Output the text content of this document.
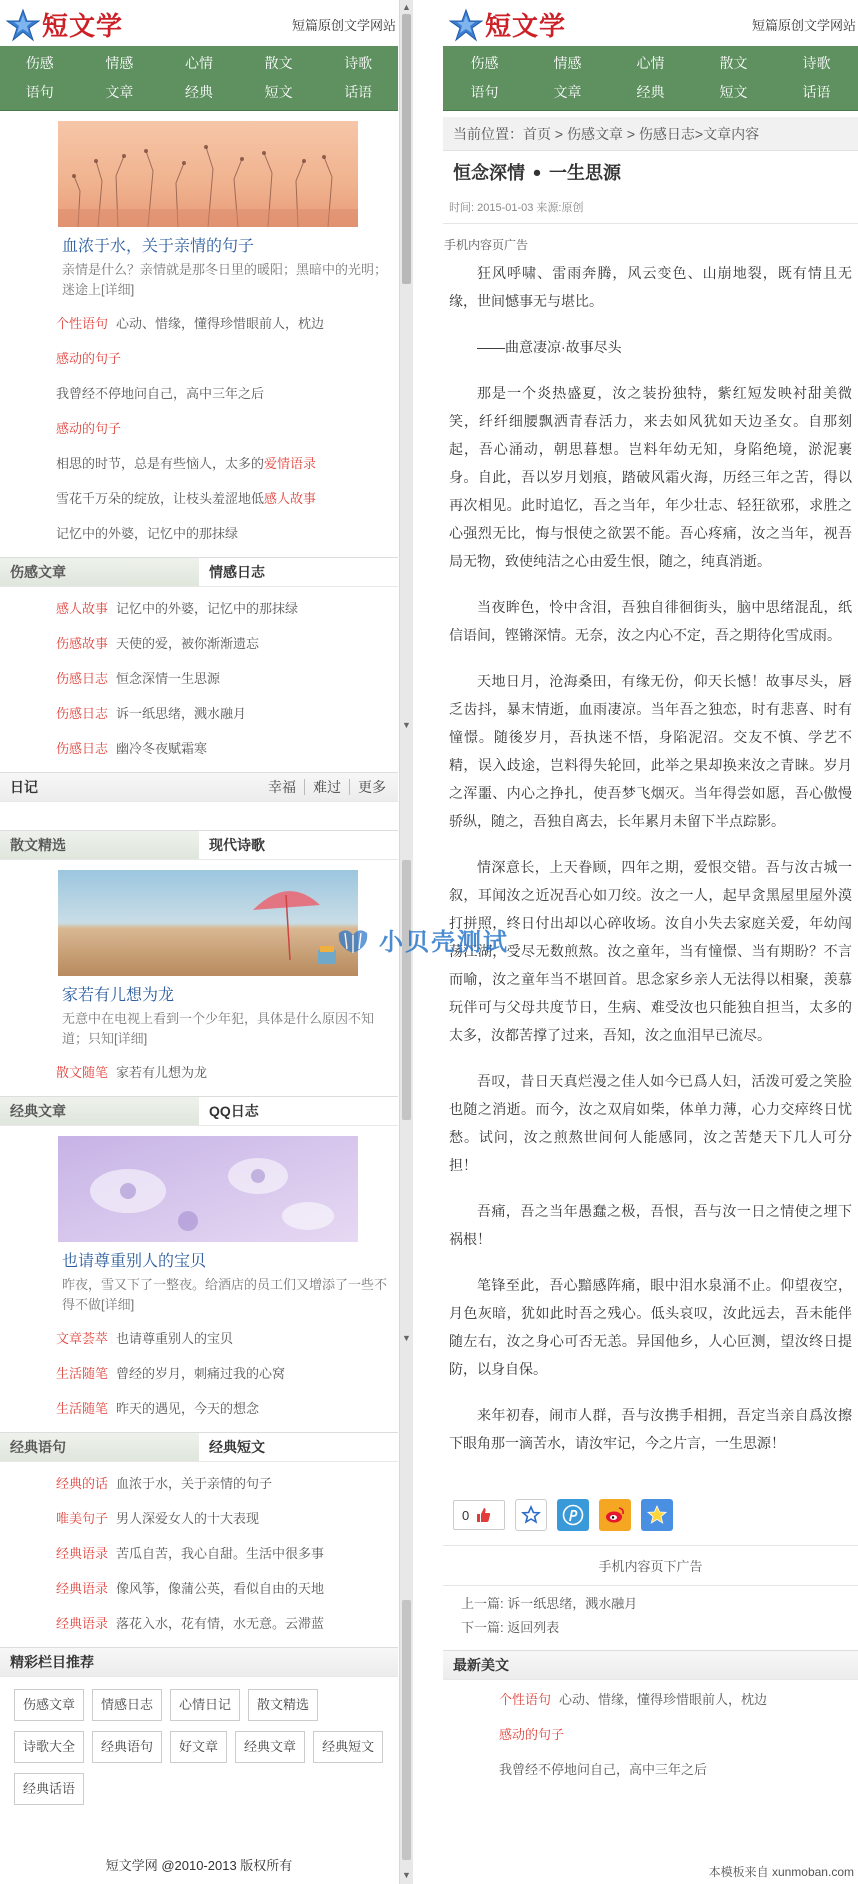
短文学	短篇原创文学网站
伤感	情感	心情	散文	诗歌
语句	文章	经典	短文	话语
血浓于水，关于亲情的句子
亲情是什么？亲情就是那冬日里的暖阳；黑暗中的光明；迷途上[详细]
个性语句 心动、惜缘，懂得珍惜眼前人，枕边
感动的句子
我曾经不停地问自己，高中三年之后
感动的句子
相思的时节，总是有些恼人，太多的爱情语录
雪花千万朵的绽放，让枝头羞涩地低感人故事
记忆中的外婆，记忆中的那抹绿
伤感文章	情感日志
感人故事 记忆中的外婆，记忆中的那抹绿
伤感故事 天使的爱，被你渐渐遗忘
伤感日志 恒念深情一生思源
伤感日志 诉一纸思绪，溅水融月
伤感日志 幽冷冬夜赋霜寒
日记	幸福 难过 更多
散文精选	现代诗歌
家若有儿想为龙
无意中在电视上看到一个少年犯，具体是什么原因不知道；只知[详细]
散文随笔 家若有儿想为龙
经典文章	QQ日志
也请尊重别人的宝贝
昨夜，雪又下了一整夜。给酒店的员工们又增添了一些不得不做[详细]
文章荟萃 也请尊重别人的宝贝
生活随笔 曾经的岁月，刺痛过我的心窝
生活随笔 昨天的遇见，今天的想念
经典语句	经典短文
经典的话 血浓于水，关于亲情的句子
唯美句子 男人深爱女人的十大表现
经典语录 苦瓜自苦，我心自甜。生活中很多事
经典语录 像风筝，像蒲公英，看似自由的天地
经典语录 落花入水，花有情，水无意。云滞蓝
精彩栏目推荐
伤感文章	情感日志	心情日记	散文精选
诗歌大全	经典语句	好文章	经典文章	经典短文
经典话语
短文学网 @2010-2013 版权所有
▲
▼
▼
▼
短文学	短篇原创文学网站
伤感	情感	心情	散文	诗歌
语句	文章	经典	短文	话语
当前位置：首页 > 伤感文章 > 伤感日志>文章内容
恒念深情 • 一生思源
时间: 2015-01-03 来源:原创
手机内容页广告

狂风呼啸、雷雨奔腾，风云变色、山崩地裂，既有情且无缘，世间憾事无与堪比。

——曲意凄凉·故事尽头

那是一个炎热盛夏，汝之装扮独特，紫红短发映衬甜美微笑，纤纤细腰飘洒青春活力，来去如风犹如天边圣女。自那刻起，吾心涌动，朝思暮想。岂料年幼无知，身陷绝境，淤泥裹身。自此，吾以岁月划痕，踏破风霜火海，历经三年之苦，得以再次相见。此时追忆，吾之当年，年少壮志、轻狂欲邪，求胜之心强烈无比，悔与恨使之欲罢不能。吾心疼痛，汝之当年，视吾局无物，致使纯洁之心由爱生恨，随之，纯真消逝。

当夜眸色，怜中含泪，吾独自徘徊街头，脑中思绪混乱，纸信语间，铿锵深情。无奈，汝之内心不定，吾之期待化雪成雨。

天地日月，沧海桑田，有缘无份，仰天长憾！故事尽头，唇乏齿抖，暴末情逝，血雨凄凉。当年吾之独恋，时有悲喜、时有憧憬。随後岁月，吾执迷不悟，身陷泥沼。交友不慎、学艺不精，误入歧途，岂料得失轮回，此举之果却换来汝之青睐。岁月之浑噩、内心之挣扎，使吾梦飞烟灭。当年得尝如愿，吾心傲慢骄纵，随之，吾独自离去，长年累月未留下半点踪影。

情深意长，上天眷顾，四年之期，爱恨交错。吾与汝古城一叙，耳闻汝之近况吾心如刀绞。汝之一人，起早贪黑屋里屋外漠打拼照，终日付出却以心碎收场。汝自小失去家庭关爱，年幼闯荡江湖，受尽无数煎熬。汝之童年，当有憧憬、当有期盼？不言而喻，汝之童年当不堪回首。思念家乡亲人无法得以相聚，羡慕玩伴可与父母共度节日，生病、难受汝也只能独自担当，太多的太多，汝都苦撑了过来，吾知，汝之血泪早已流尽。

吾叹，昔日天真烂漫之佳人如今已爲人妇，活泼可爱之笑脸也随之消逝。而今，汝之双肩如柴，体单力薄，心力交瘁终日忧愁。试问，汝之煎熬世间何人能感同，汝之苦楚天下几人可分担！

吾痛，吾之当年愚蠢之极，吾恨，吾与汝一日之情使之埋下祸根！

笔锋至此，吾心黯感阵痛，眼中泪水泉涌不止。仰望夜空，月色灰暗，犹如此时吾之残心。低头哀叹，汝此远去，吾未能伴随左右，汝之身心可否无恙。异国他乡，人心叵测，望汝终日提防，以身自保。

来年初春，闹市人群，吾与汝携手相拥，吾定当亲自爲汝擦下眼角那一滴苦水，请汝牢记，今之片言，一生思源！

0
手机内容页下广告
上一篇: 诉一纸思绪，溅水融月
下一篇: 返回列表
最新美文
个性语句 心动、惜缘，懂得珍惜眼前人，枕边
感动的句子
我曾经不停地问自己，高中三年之后
小贝壳测试
本模板来自 xunmoban.com
